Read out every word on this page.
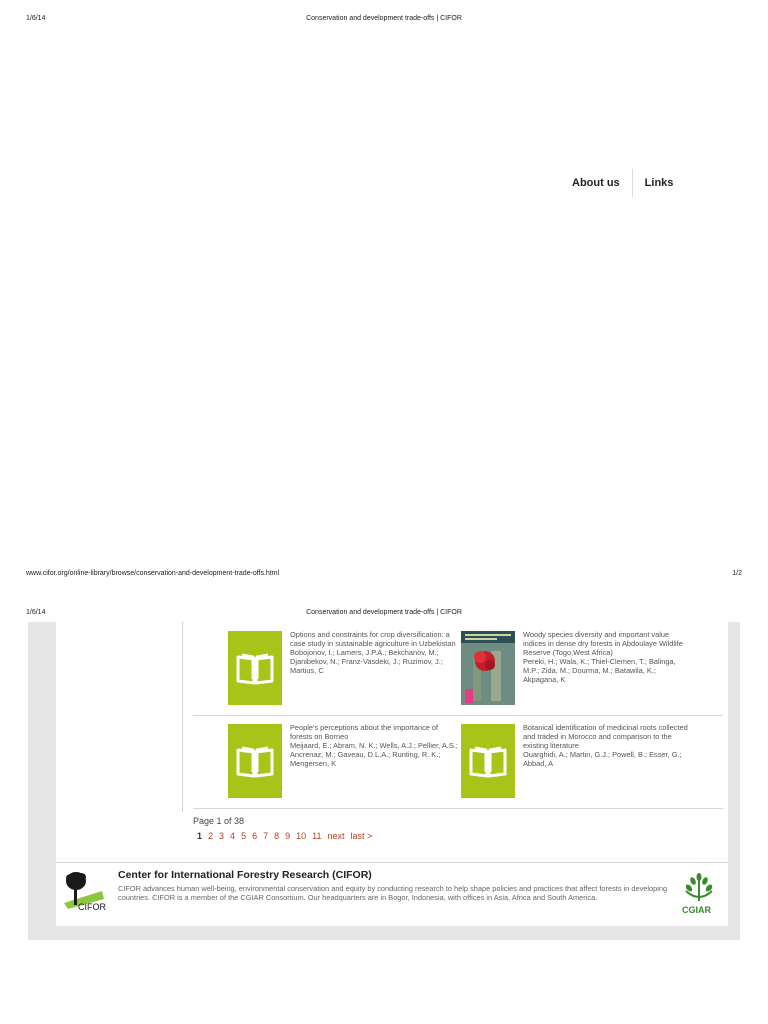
1/6/14	Conservation and development trade-offs | CIFOR
About us	Links
www.cifor.org/online-library/browse/conservation-and-development-trade-offs.html	1/2
1/6/14	Conservation and development trade-offs | CIFOR
Options and constraints for crop diversification: a case study in sustainable agriculture in Uzbekistan
Bobojonov, I.; Lamers, J.P.A.; Bekchanov, M.; Djanibekov, N.; Franz-Vasdeki, J.; Ruzimov, J.; Martius, C
Woody species diversity and important value indices in dense dry forests in Abdoulaye Wildlife Reserve (Togo,West Africa)
Pereki, H.; Wala, K.; Thiel-Clemen, T.; Balinga, M.P.; Zida, M.; Dourma, M.; Batawila, K.; Akpagana, K
People's perceptions about the importance of forests on Borneo
Meijaard, E.; Abram, N. K.; Wells, A.J.; Pellier, A.S.; Ancrenaz, M.; Gaveau, D.L.A.; Runting, R. K.; Mengersen, K
Botanical identification of medicinal roots collected and traded in Morocco and comparison to the existing literature
Ouarghidi, A.; Martin, G.J.; Powell, B.; Esser, G.; Abbad, A
Page 1 of 38
1 2 3 4 5 6 7 8 9 10 11 next last >
CIFOR
Center for International Forestry Research (CIFOR)
CIFOR advances human well-being, environmental conservation and equity by conducting research to help shape policies and practices that affect forests in developing countries. CIFOR is a member of the CGIAR Consortium. Our headquarters are in Bogor, Indonesia, with offices in Asia, Africa and South America.
CGIAR
